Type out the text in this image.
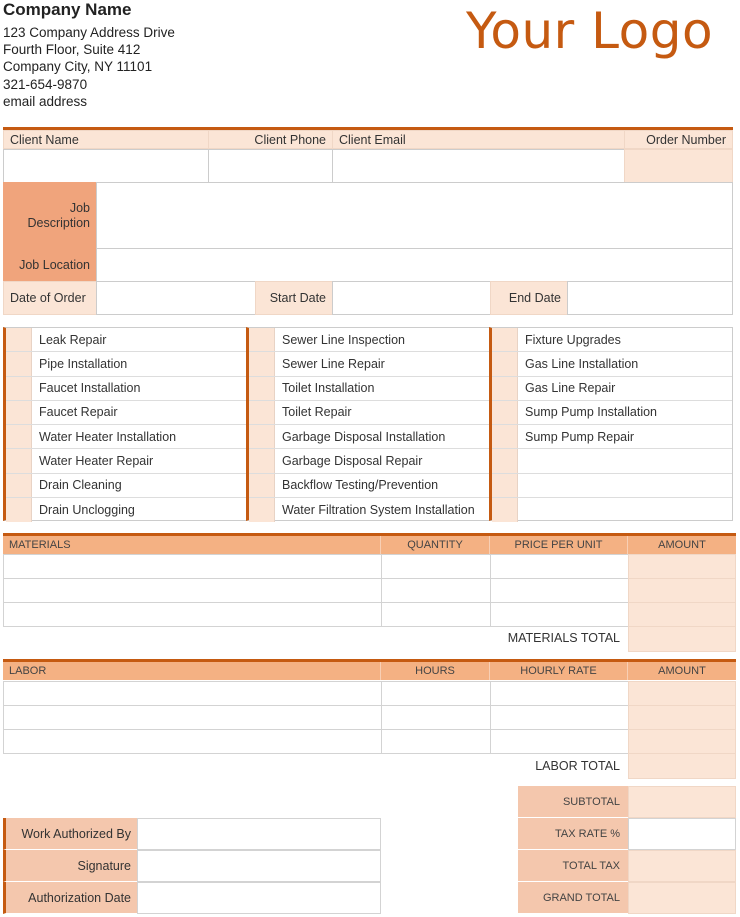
Company Name
123 Company Address Drive
Fourth Floor, Suite 412
Company City, NY 11101
321-654-9870
email address
Your Logo
Client Name	Client Phone	Client Email	Order Number
Job Description
Job Location
Date of Order	Start Date	End Date
Leak Repair
Pipe Installation
Faucet Installation
Faucet Repair
Water Heater Installation
Water Heater Repair
Drain Cleaning
Drain Unclogging
Sewer Line Inspection
Sewer Line Repair
Toilet Installation
Toilet Repair
Garbage Disposal Installation
Garbage Disposal Repair
Backflow Testing/Prevention
Water Filtration System Installation
Fixture Upgrades
Gas Line Installation
Gas Line Repair
Sump Pump Installation
Sump Pump Repair
MATERIALS	QUANTITY	PRICE PER UNIT	AMOUNT
MATERIALS TOTAL
LABOR	HOURS	HOURLY RATE	AMOUNT
LABOR TOTAL
SUBTOTAL
TAX RATE %
TOTAL TAX
GRAND TOTAL
Work Authorized By
Signature
Authorization Date
